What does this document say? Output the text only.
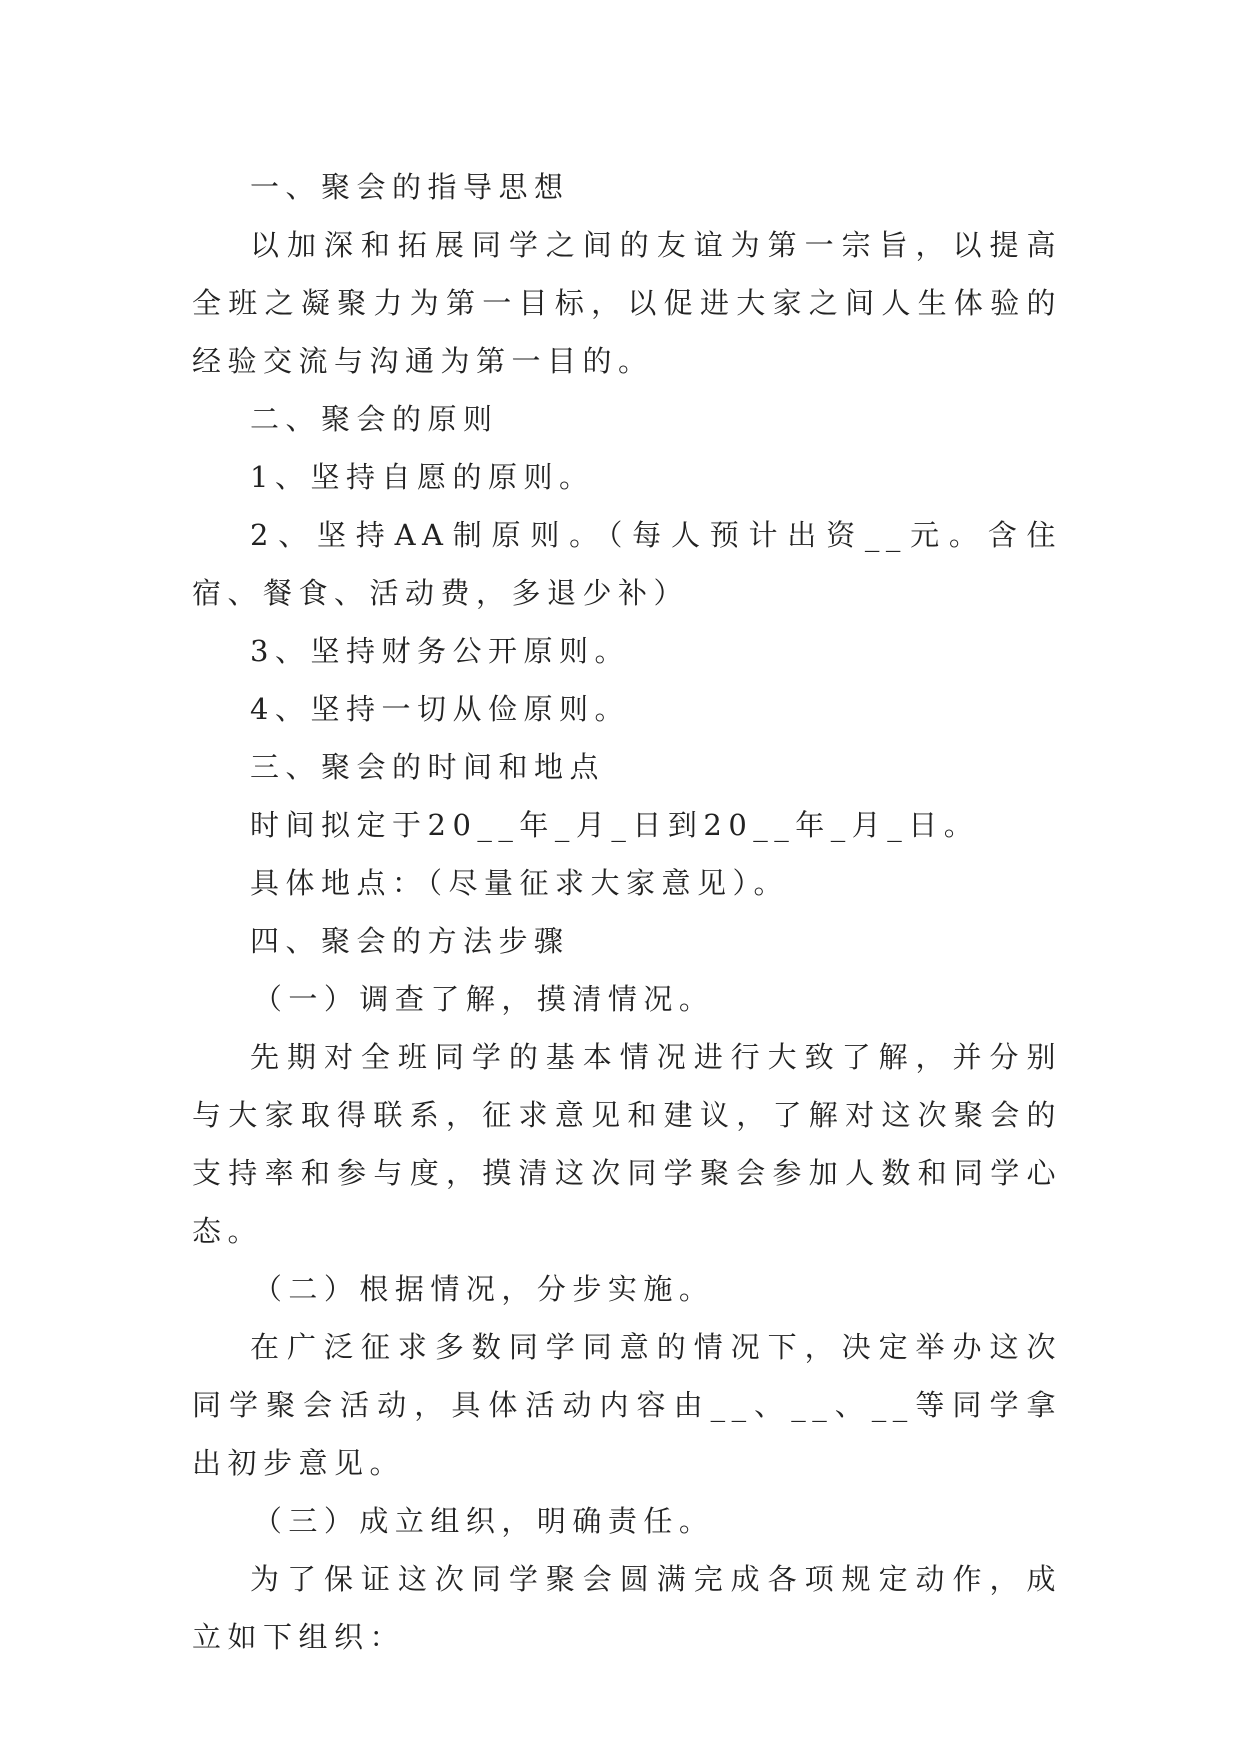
一、聚会的指导思想

以加深和拓展同学之间的友谊为第一宗旨，以提高全班之凝聚力为第一目标，以促进大家之间人生体验的经验交流与沟通为第一目的。

二、聚会的原则

1、坚持自愿的原则。

2、坚持AA制原则。（每人预计出资__元。含住宿、餐食、活动费，多退少补）

3、坚持财务公开原则。

4、坚持一切从俭原则。

三、聚会的时间和地点

时间拟定于20__年_月_日到20__年_月_日。

具体地点：（尽量征求大家意见）。

四、聚会的方法步骤

（一）调查了解，摸清情况。

先期对全班同学的基本情况进行大致了解，并分别与大家取得联系，征求意见和建议，了解对这次聚会的支持率和参与度，摸清这次同学聚会参加人数和同学心态。

（二）根据情况，分步实施。

在广泛征求多数同学同意的情况下，决定举办这次同学聚会活动，具体活动内容由__、__、__等同学拿出初步意见。

（三）成立组织，明确责任。

为了保证这次同学聚会圆满完成各项规定动作，成立如下组织：
